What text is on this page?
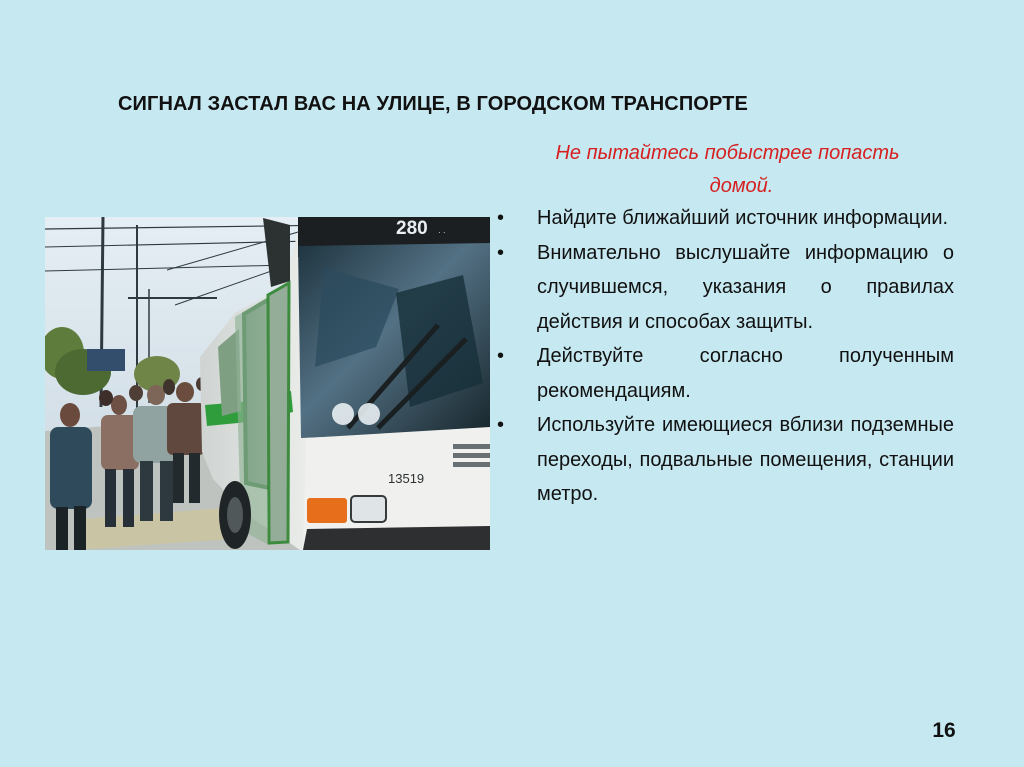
СИГНАЛ ЗАСТАЛ ВАС НА УЛИЦЕ, В ГОРОДСКОМ ТРАНСПОРТЕ
Не пытайтесь побыстрее попасть
домой.
280 · ·
13519
• Найдите ближайший источник информации.
• Внимательно выслушайте информацию о случившемся, указания о правилах действия и способах защиты.
• Действуйте согласно полученным рекомендациям.
• Используйте имеющиеся вблизи подземные переходы, подвальные помещения, станции метро.
16
